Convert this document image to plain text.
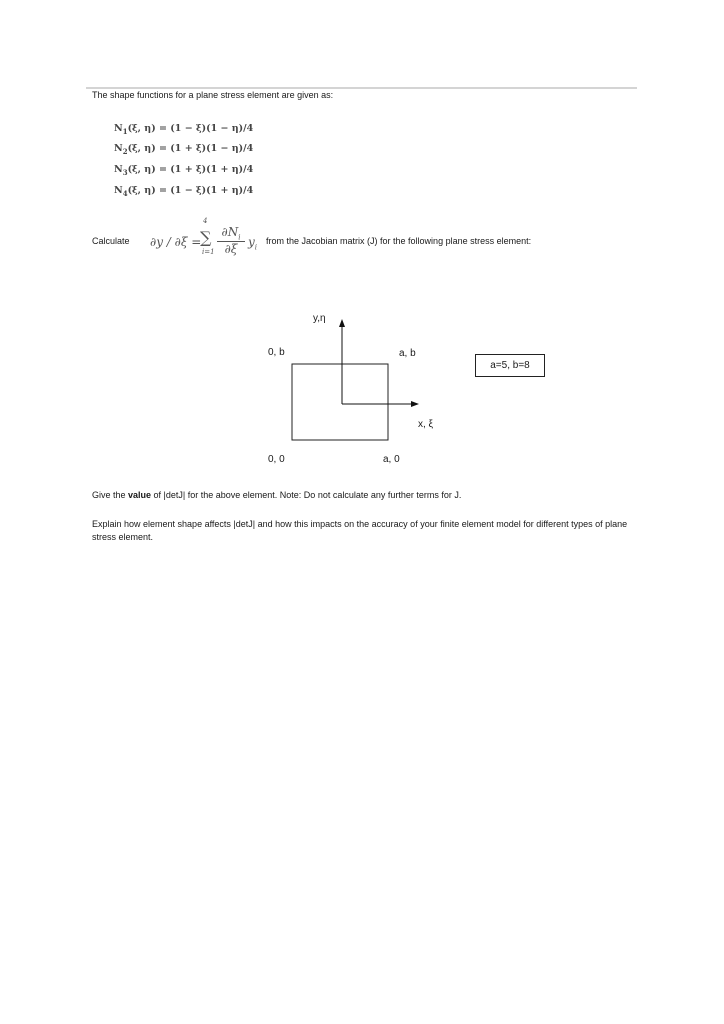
The shape functions for a plane stress element are given as:
$N_1(\xi$, η) = (1 − ξ)(1 − η)/4
$N_2(\xi$, η) = (1 + ξ)(1 − η)/4
$N_3(\xi$, η) = (1 + ξ)(1 + η)/4
$N_4(\xi$, η) = (1 − ξ)(1 + η)/4
Calculate ∂y / ∂ξ =
4
∑
i=1
$\partial N_i$
∂ξ $y_i$
from the Jacobian matrix (J) for the following plane stress element:
y,η
x, ξ
0, b	a, b
0, 0	a, 0
a=5, b=8
Give the value of |detJ| for the above element. Note: Do not calculate any further terms for J.
Explain how element shape affects |detJ| and how this impacts on the accuracy of your finite element model for different types of plane stress element.
